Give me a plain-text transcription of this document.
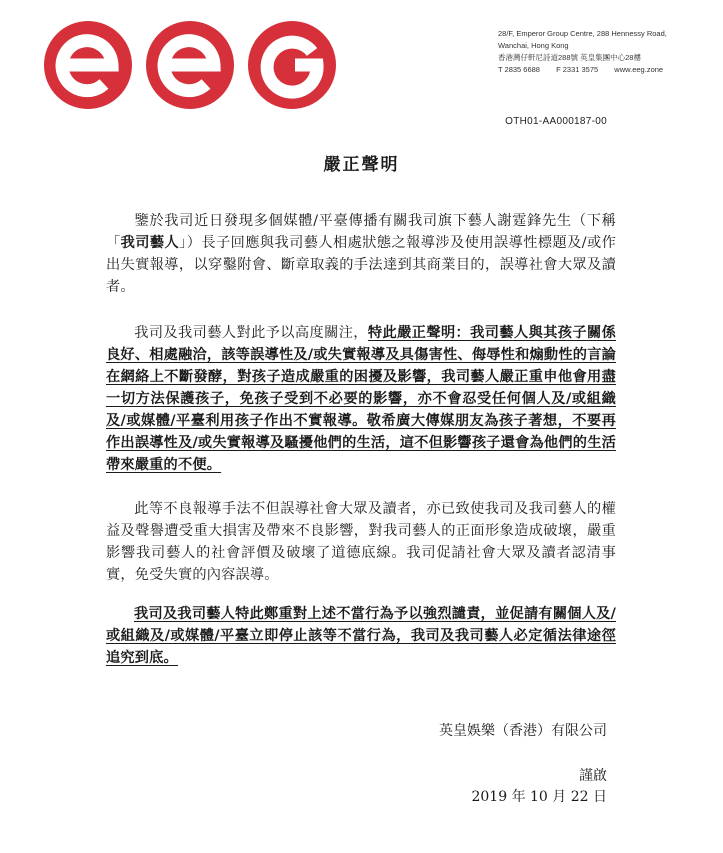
eeg
28/F, Emperor Group Centre, 288 Hennessy Road,
Wanchai, Hong Kong
香港灣仔軒尼詩道288號 英皇集團中心28樓
T 2835 6688 F 2331 3575 www.eeg.zone
OTH01-AA000187-00
嚴正聲明
鑒於我司近日發現多個媒體/平臺傳播有關我司旗下藝人謝霆鋒先生（下稱「我司藝人」）長子回應與我司藝人相處狀態之報導涉及使用誤導性標題及/或作出失實報導，以穿鑿附會、斷章取義的手法達到其商業目的，誤導社會大眾及讀者。
我司及我司藝人對此予以高度關注，特此嚴正聲明：我司藝人與其孩子關係良好、相處融洽，該等誤導性及/或失實報導及具傷害性、侮辱性和煽動性的言論在網絡上不斷發酵，對孩子造成嚴重的困擾及影響，我司藝人嚴正重申他會用盡一切方法保護孩子，免孩子受到不必要的影響，亦不會忍受任何個人及/或組織及/或媒體/平臺利用孩子作出不實報導。敬希廣大傳媒朋友為孩子著想，不要再作出誤導性及/或失實報導及騷擾他們的生活，這不但影響孩子還會為他們的生活帶來嚴重的不便。
此等不良報導手法不但誤導社會大眾及讀者，亦已致使我司及我司藝人的權益及聲譽遭受重大損害及帶來不良影響，對我司藝人的正面形象造成破壞，嚴重影響我司藝人的社會評價及破壞了道德底線。我司促請社會大眾及讀者認清事實，免受失實的內容誤導。
我司及我司藝人特此鄭重對上述不當行為予以強烈譴責，並促請有關個人及/或組織及/或媒體/平臺立即停止該等不當行為，我司及我司藝人必定循法律途徑追究到底。
英皇娛樂（香港）有限公司
謹啟
2019 年 10 月 22 日
